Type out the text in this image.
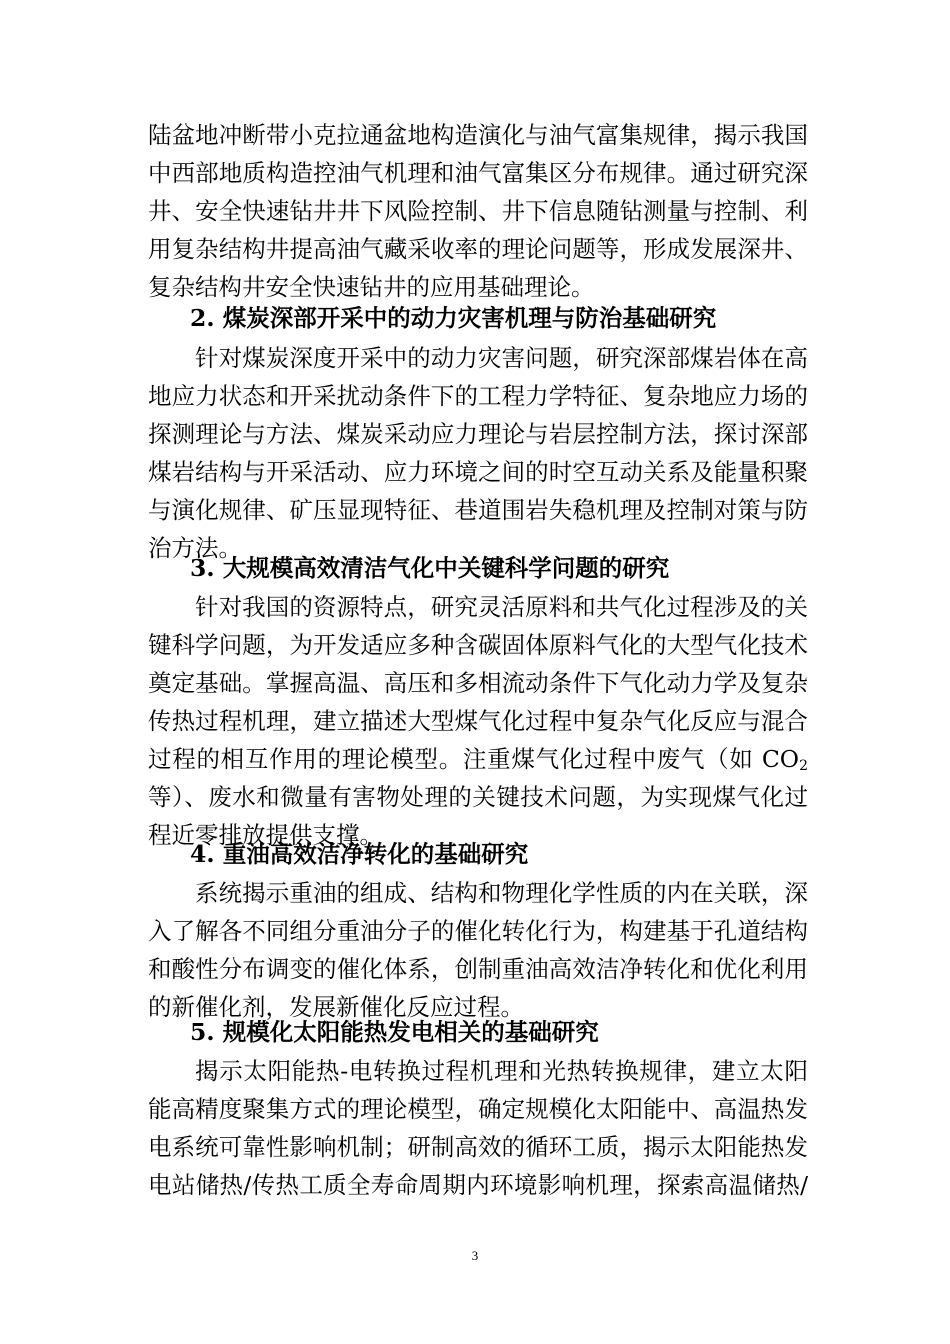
陆盆地冲断带小克拉通盆地构造演化与油气富集规律，揭示我国
中西部地质构造控油气机理和油气富集区分布规律。通过研究深
井、安全快速钻井井下风险控制、井下信息随钻测量与控制、利
用复杂结构井提高油气藏采收率的理论问题等，形成发展深井、
复杂结构井安全快速钻井的应用基础理论。
2. 煤炭深部开采中的动力灾害机理与防治基础研究
针对煤炭深度开采中的动力灾害问题，研究深部煤岩体在高
地应力状态和开采扰动条件下的工程力学特征、复杂地应力场的
探测理论与方法、煤炭采动应力理论与岩层控制方法，探讨深部
煤岩结构与开采活动、应力环境之间的时空互动关系及能量积聚
与演化规律、矿压显现特征、巷道围岩失稳机理及控制对策与防
治方法。
3. 大规模高效清洁气化中关键科学问题的研究
针对我国的资源特点，研究灵活原料和共气化过程涉及的关
键科学问题，为开发适应多种含碳固体原料气化的大型气化技术
奠定基础。掌握高温、高压和多相流动条件下气化动力学及复杂
传热过程机理，建立描述大型煤气化过程中复杂气化反应与混合
过程的相互作用的理论模型。注重煤气化过程中废气（如 $CO_2$
等）、废水和微量有害物处理的关键技术问题，为实现煤气化过
程近零排放提供支撑。
4. 重油高效洁净转化的基础研究
系统揭示重油的组成、结构和物理化学性质的内在关联，深
入了解各不同组分重油分子的催化转化行为，构建基于孔道结构
和酸性分布调变的催化体系，创制重油高效洁净转化和优化利用
的新催化剂，发展新催化反应过程。
5. 规模化太阳能热发电相关的基础研究
揭示太阳能热-电转换过程机理和光热转换规律，建立太阳
能高精度聚集方式的理论模型，确定规模化太阳能中、高温热发
电系统可靠性影响机制；研制高效的循环工质，揭示太阳能热发
电站储热/传热工质全寿命周期内环境影响机理，探索高温储热/
3
